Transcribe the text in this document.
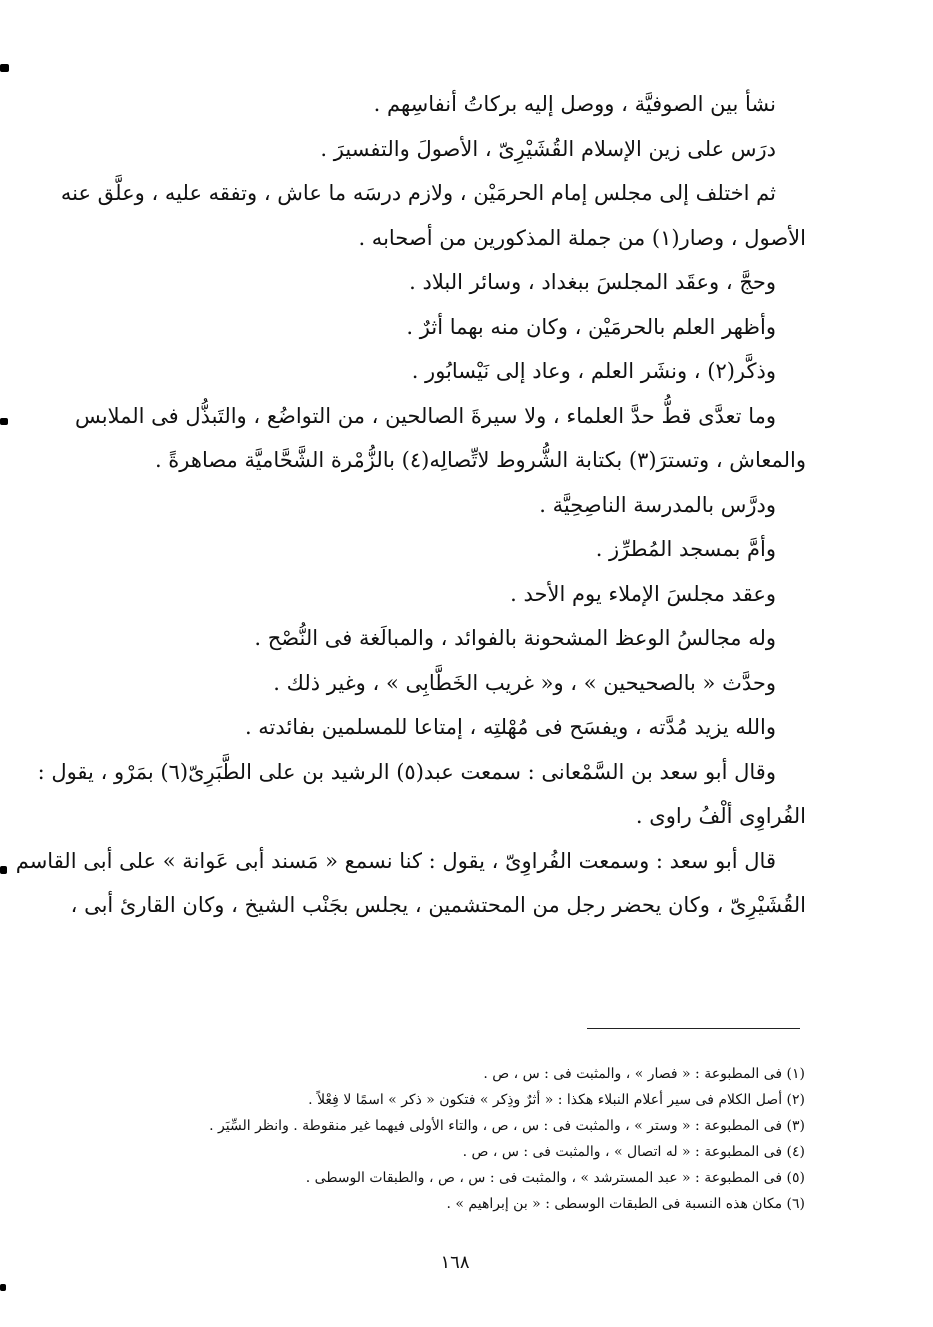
نشأ بين الصوفيَّة ، ووصل إليه بركاتُ أنفاسِهم .
درَس على زين الإسلام القُشَيْرِىّ ، الأصولَ والتفسيرَ .
ثم اختلف إلى مجلس إمام الحرمَيْن ، ولازم درسَه ما عاش ، وتفقه عليه ، وعلَّق عنه
الأصول ، وصار(١) من جملة المذكورين من أصحابه .
وحجَّ ، وعقَد المجلسَ ببغداد ، وسائر البلاد .
وأظهر العلم بالحرمَيْن ، وكان منه بهما أثرٌ .
وذكَّر(٢) ، ونشَر العلم ، وعاد إلى نَيْسابُور .
وما تعدَّى قطُّ حدَّ العلماء ، ولا سيرةَ الصالحين ، من التواضُع ، والتَبذُّل فى الملابس
والمعاش ، وتسترَ(٣) بكتابة الشُّروط لاتِّصالِه(٤) بالزُّمْرة الشَّحَّاميَّة مصاهرةً .
ودرَّس بالمدرسة الناصِحِيَّة .
وأمَّ بمسجد المُطرِّز .
وعقد مجلسَ الإملاء يوم الأحد .
وله مجالسُ الوعظ المشحونة بالفوائد ، والمبالَغة فى النُّصْح .
وحدَّث « بالصحيحين » ، و« غريب الخَطَّابِى » ، وغير ذلك .
والله يزيد مُدَّته ، ويفسَح فى مُهْلتِه ، إمتاعا للمسلمين بفائدته .
وقال أبو سعد بن السَّمْعانى : سمعت عبد(٥) الرشيد بن على الطَّبَرِىّ(٦) بمَرْو ، يقول :
الفُراوِى ألْفُ راوى .
قال أبو سعد : وسمعت الفُراوِىّ ، يقول : كنا نسمع « مَسند أبى عَوانة » على أبى القاسم
القُشَيْرِىّ ، وكان يحضر رجل من المحتشمين ، يجلس بجَنْب الشيخ ، وكان القارئ أبى ،
(١) فى المطبوعة : « فصار » ، والمثبت فى : س ، ص .
(٢) أصل الكلام فى سير أعلام النبلاء هكذا : « أثرٌ وذِكر » فتكون « ذكر » اسمًا لا فِعْلاً .
(٣) فى المطبوعة : « وستر » ، والمثبت فى : س ، ص ، والتاء الأولى فيهما غير منقوطة . وانظر السِّيَر .
(٤) فى المطبوعة : « له اتصال » ، والمثبت فى : س ، ص .
(٥) فى المطبوعة : « عبد المسترشد » ، والمثبت فى : س ، ص ، والطبقات الوسطى .
(٦) مكان هذه النسبة فى الطبقات الوسطى : « بن إبراهيم » .
١٦٨
